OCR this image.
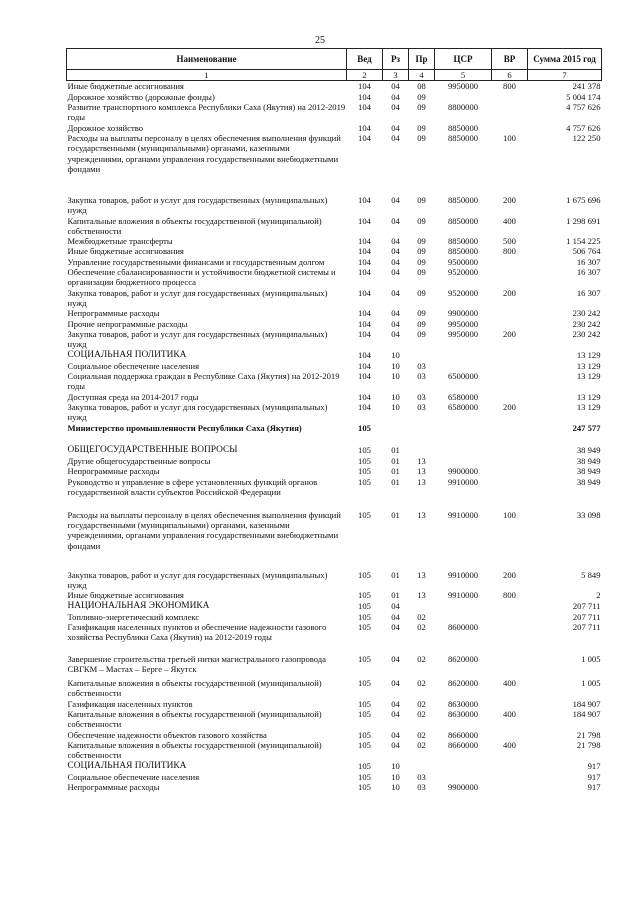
25
Наименование	Вед	Рз	Пр	ЦСР	ВР	Сумма 2015 год
1	2	3	4	5	6	7
Иные бюджетные ассигнования	104	04	08	9950000	800	241 378
Дорожное хозяйство (дорожные фонды)	104	04	09			5 004 174
Развитие транспортного комплекса Республики Саха (Якутия) на 2012-2019 годы	104	04	09	8800000		4 757 626
Дорожное хозяйство	104	04	09	8850000		4 757 626
Расходы на выплаты персоналу в целях обеспечения выполнения функций государственными (муниципальными) органами, казенными учреждениями, органами управления государственными внебюджетными фондами	104	04	09	8850000	100	122 250
Закупка товаров, работ и услуг для государственных (муниципальных) нужд	104	04	09	8850000	200	1 675 696
Капитальные вложения в объекты государственной (муниципальной) собственности	104	04	09	8850000	400	1 298 691
Межбюджетные трансферты	104	04	09	8850000	500	1 154 225
Иные бюджетные ассигнования	104	04	09	8850000	800	506 764
Управление государственными финансами и государственным долгом	104	04	09	9500000		16 307
Обеспечение сбалансированности и устойчивости бюджетной системы и организации бюджетного процесса	104	04	09	9520000		16 307
Закупка товаров, работ и услуг для государственных (муниципальных) нужд	104	04	09	9520000	200	16 307
Непрограммные расходы	104	04	09	9900000		230 242
Прочие непрограммные расходы	104	04	09	9950000		230 242
Закупка товаров, работ и услуг для государственных (муниципальных) нужд	104	04	09	9950000	200	230 242
СОЦИАЛЬНАЯ ПОЛИТИКА	104	10				13 129
Социальное обеспечение населения	104	10	03			13 129
Социальная поддержка граждан в Республике Саха (Якутия) на 2012-2019 годы	104	10	03	6500000		13 129
Доступная среда на 2014-2017 годы	104	10	03	6580000		13 129
Закупка товаров, работ и услуг для государственных (муниципальных) нужд	104	10	03	6580000	200	13 129
Министерство промышленности Республики Саха (Якутия)	105					247 577
ОБЩЕГОСУДАРСТВЕННЫЕ ВОПРОСЫ	105	01				38 949
Другие общегосударственные вопросы	105	01	13			38 949
Непрограммные расходы	105	01	13	9900000		38 949
Руководство и управление в сфере установленных функций органов государственной власти субъектов Российской Федерации	105	01	13	9910000		38 949
Расходы на выплаты персоналу в целях обеспечения выполнения функций государственными (муниципальными) органами, казенными учреждениями, органами управления государственными внебюджетными фондами	105	01	13	9910000	100	33 098
Закупка товаров, работ и услуг для государственных (муниципальных) нужд	105	01	13	9910000	200	5 849
Иные бюджетные ассигнования	105	01	13	9910000	800	2
НАЦИОНАЛЬНАЯ ЭКОНОМИКА	105	04				207 711
Топливно-энергетический комплекс	105	04	02			207 711
Газификация населенных пунктов и обеспечение надежности газового хозяйства Республики Саха (Якутия) на 2012-2019 годы	105	04	02	8600000		207 711
Завершение строительства третьей нитки магистрального газопровода СВГКМ – Мастах – Берге – Якутск	105	04	02	8620000		1 005
Капитальные вложения в объекты государственной (муниципальной) собственности	105	04	02	8620000	400	1 005
Газификация населенных пунктов	105	04	02	8630000		184 907
Капитальные вложения в объекты государственной (муниципальной) собственности	105	04	02	8630000	400	184 907
Обеспечение надежности объектов газового хозяйства	105	04	02	8660000		21 798
Капитальные вложения в объекты государственной (муниципальной) собственности	105	04	02	8660000	400	21 798
СОЦИАЛЬНАЯ ПОЛИТИКА	105	10				917
Социальное обеспечение населения	105	10	03			917
Непрограммные расходы	105	10	03	9900000		917
